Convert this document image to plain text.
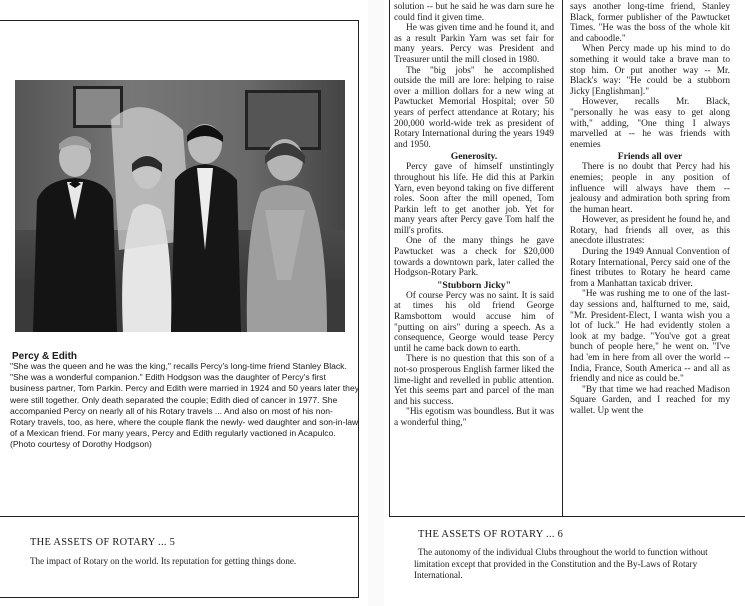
Percy & Edith

"She was the queen and he was the king," recalls Percy's long-time friend Stanley Black. "She was a wonderful companion." Edith Hodgson was the daughter of Percy's first business partner, Tom Parkin. Percy and Edith were married in 1924 and 50 years later they were still together. Only death separated the couple; Edith died of cancer in 1977. She accompanied Percy on nearly all of his Rotary travels ... And also on most of his non- Rotary travels, too, as here, where the couple flank the newly- wed daughter and son-in-law of a Mexican friend. For many years, Percy and Edith regularly vactioned in Acapulco. (Photo courtesy of Dorothy Hodgson)

THE ASSETS OF ROTARY ... 5

The impact of Rotary on the world. Its reputation for getting things done.

solution -- but he said he was darn sure he could find it given time.

He was given time and he found it, and as a result Parkin Yarn was set fair for many years. Percy was President and Treasurer until the mill closed in 1980.

The "big jobs" he accomplished outside the mill are lore: helping to raise over a million dollars for a new wing at Pawtucket Memorial Hospital; over 50 years of perfect attendance at Rotary; his 200,000 world-wide trek as president of Rotary International during the years 1949 and 1950.

Generosity.

Percy gave of himself unstintingly throughout his life. He did this at Parkin Yarn, even beyond taking on five different roles. Soon after the mill opened, Tom Parkin left to get another job. Yet for many years after Percy gave Tom half the mill's profits.

One of the many things he gave Pawtucket was a check for $20,000 towards a downtown park, later called the Hodgson-Rotary Park.

"Stubborn Jicky"

Of course Percy was no saint. It is said at times his old friend George Ramsbottom would accuse him of "putting on airs" during a speech. As a consequence, George would tease Percy until he came back down to earth.

There is no question that this son of a not-so prosperous English farmer liked the lime-light and revelled in public attention. Yet this seems part and parcel of the man and his success.

"His egotism was boundless. But it was a wonderful thing,"

says another long-time friend, Stanley Black, former publisher of the Pawtucket Times. "He was the boss of the whole kit and caboodle."

When Percy made up his mind to do something it would take a brave man to stop him. Or put another way -- Mr. Black's way: "He could be a stubborn Jicky [Englishman]."

However, recalls Mr. Black, "personally he was easy to get along with," adding, "One thing I always marvelled at -- he was friends with enemies

Friends all over

There is no doubt that Percy had his enemies; people in any position of influence will always have them -- jealousy and admiration both spring from the human heart.

However, as president he found he, and Rotary, had friends all over, as this anecdote illustrates:

During the 1949 Annual Convention of Rotary International, Percy said one of the finest tributes to Rotary he heard came from a Manhattan taxicab driver.

"He was rushing me to one of the last-day sessions and, halfturned to me, said, "Mr. President-Elect, I wanta wish you a lot of luck." He had evidently stolen a look at my badge. "You've got a great bunch of people here," he went on. "I've had 'em in here from all over the world -- India, France, South America -- and all as friendly and nice as could be."

"By that time we had reached Madison Square Garden, and I reached for my wallet. Up went the

THE ASSETS OF ROTARY ... 6

The autonomy of the individual Clubs throughout the world to function without limitation except that provided in the Constitution and the By-Laws of Rotary International.
